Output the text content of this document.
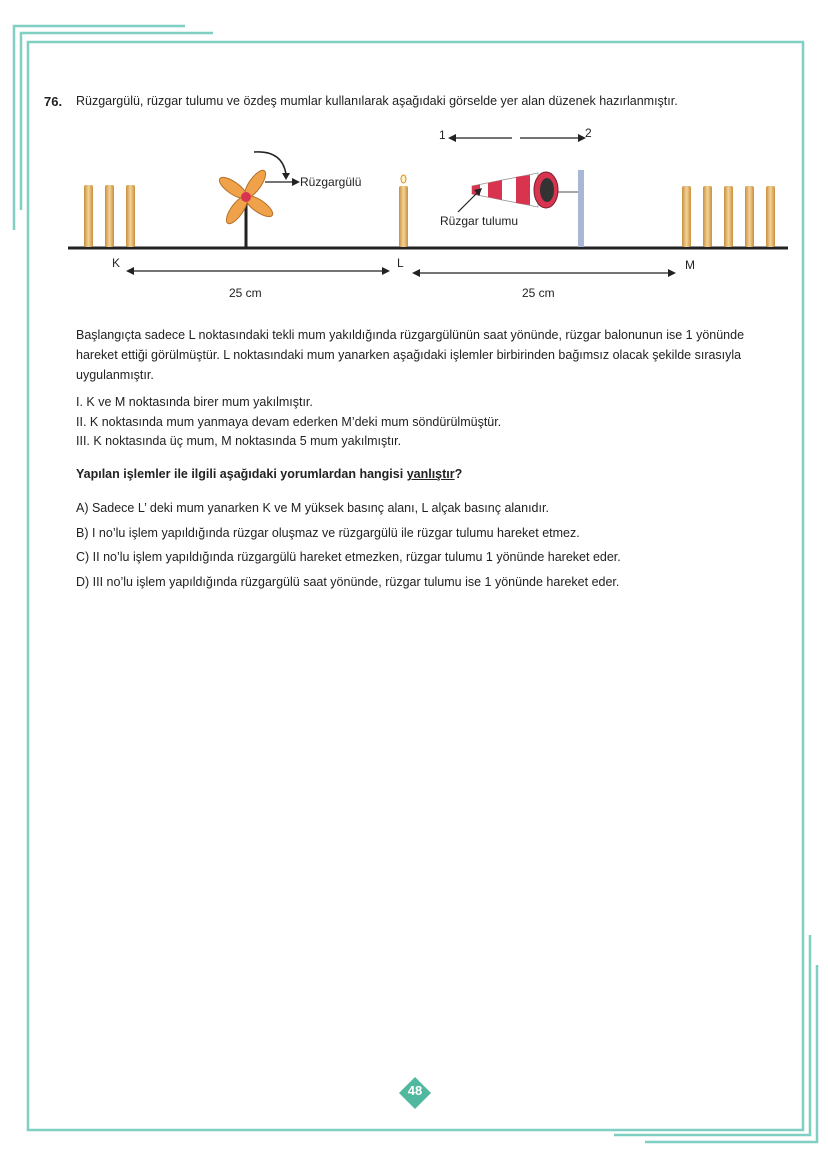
76. Rüzgargülü, rüzgar tulumu ve özdeş mumlar kullanılarak aşağıdaki görselde yer alan düzenek hazırlanmıştır.
1	2
Rüzgargülü
Rüzgar tulumu
K	L	M
25 cm	25 cm
Başlangıçta sadece L noktasındaki tekli mum yakıldığında rüzgargülünün saat yönünde, rüzgar balonunun ise 1 yönünde hareket ettiği görülmüştür. L noktasındaki mum yanarken aşağıdaki işlemler birbirinden bağımsız olacak şekilde sırasıyla uygulanmıştır.
I. K ve M noktasında birer mum yakılmıştır.
II. K noktasında mum yanmaya devam ederken M’deki mum söndürülmüştür.
III. K noktasında üç mum, M noktasında 5 mum yakılmıştır.
Yapılan işlemler ile ilgili aşağıdaki yorumlardan hangisi yanlıştır?
A) Sadece L’ deki mum yanarken K ve M yüksek basınç alanı, L alçak basınç alanıdır.
B) I no’lu işlem yapıldığında rüzgar oluşmaz ve rüzgargülü ile rüzgar tulumu hareket etmez.
C) II no’lu işlem yapıldığında rüzgargülü hareket etmezken, rüzgar tulumu 1 yönünde hareket eder.
D) III no’lu işlem yapıldığında rüzgargülü saat yönünde, rüzgar tulumu ise 1 yönünde hareket eder.
48
